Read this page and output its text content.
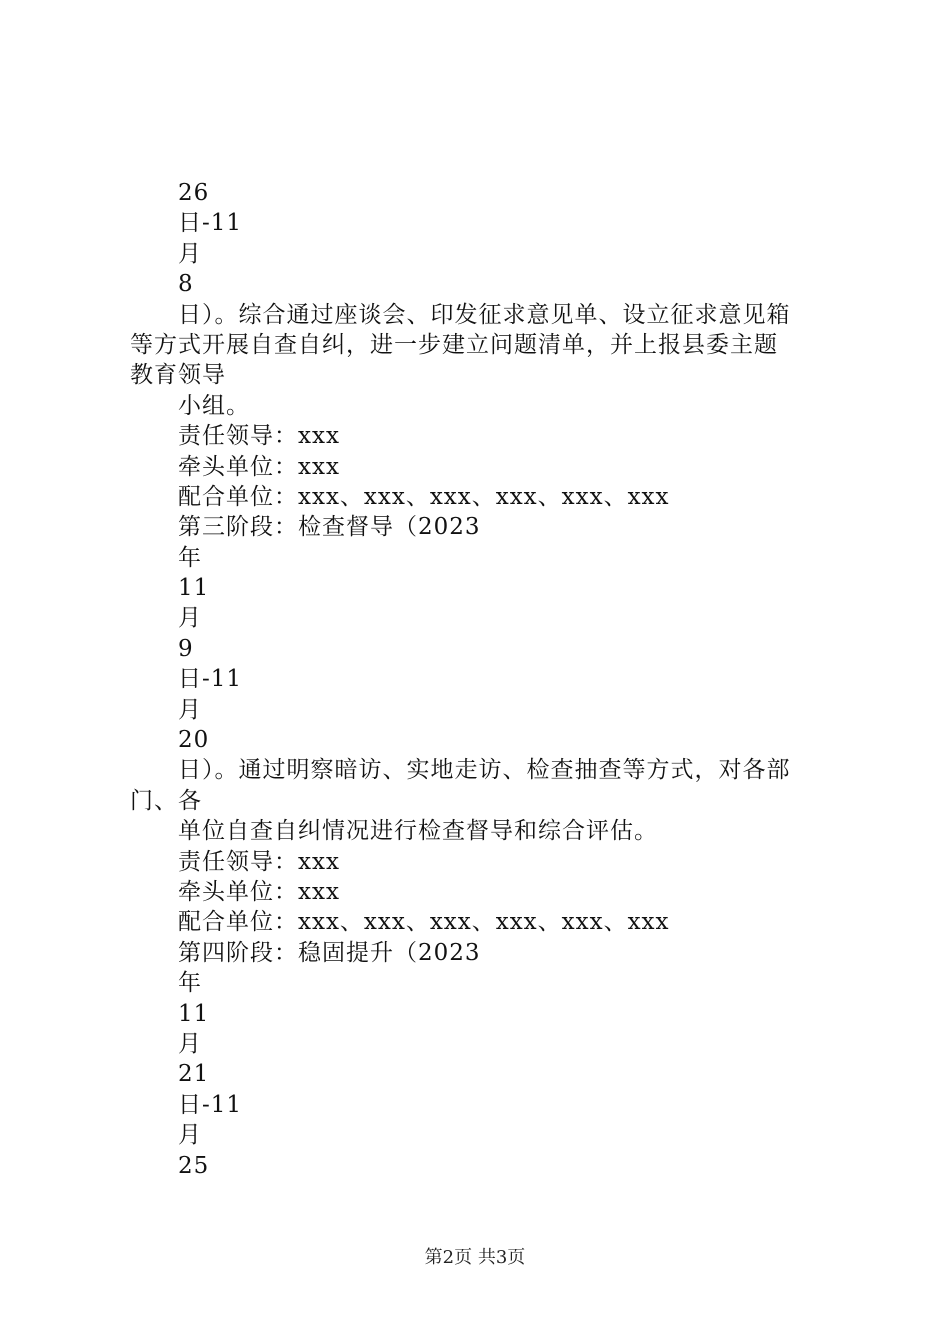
26
日-11
月
8
日）。综合通过座谈会、印发征求意见单、设立征求意见箱
等方式开展自查自纠，进一步建立问题清单，并上报县委主题
教育领导
小组。
责任领导：xxx
牵头单位：xxx
配合单位：xxx、xxx、xxx、xxx、xxx、xxx
第三阶段：检查督导（2023
年
11
月
9
日-11
月
20
日）。通过明察暗访、实地走访、检查抽查等方式，对各部
门、各
单位自查自纠情况进行检查督导和综合评估。
责任领导：xxx
牵头单位：xxx
配合单位：xxx、xxx、xxx、xxx、xxx、xxx
第四阶段：稳固提升（2023
年
11
月
21
日-11
月
25
第2页 共3页
